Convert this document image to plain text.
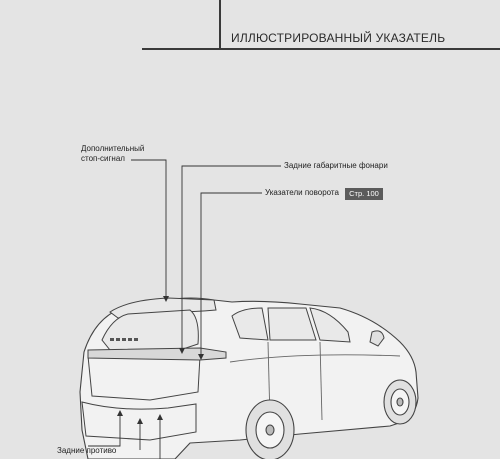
ИЛЛЮСТРИРОВАННЫЙ УКАЗАТЕЛЬ
Дополнительный
стоп-сигнал
Задние габаритные фонари
Указатели поворота	Стр. 100
Задние противо
